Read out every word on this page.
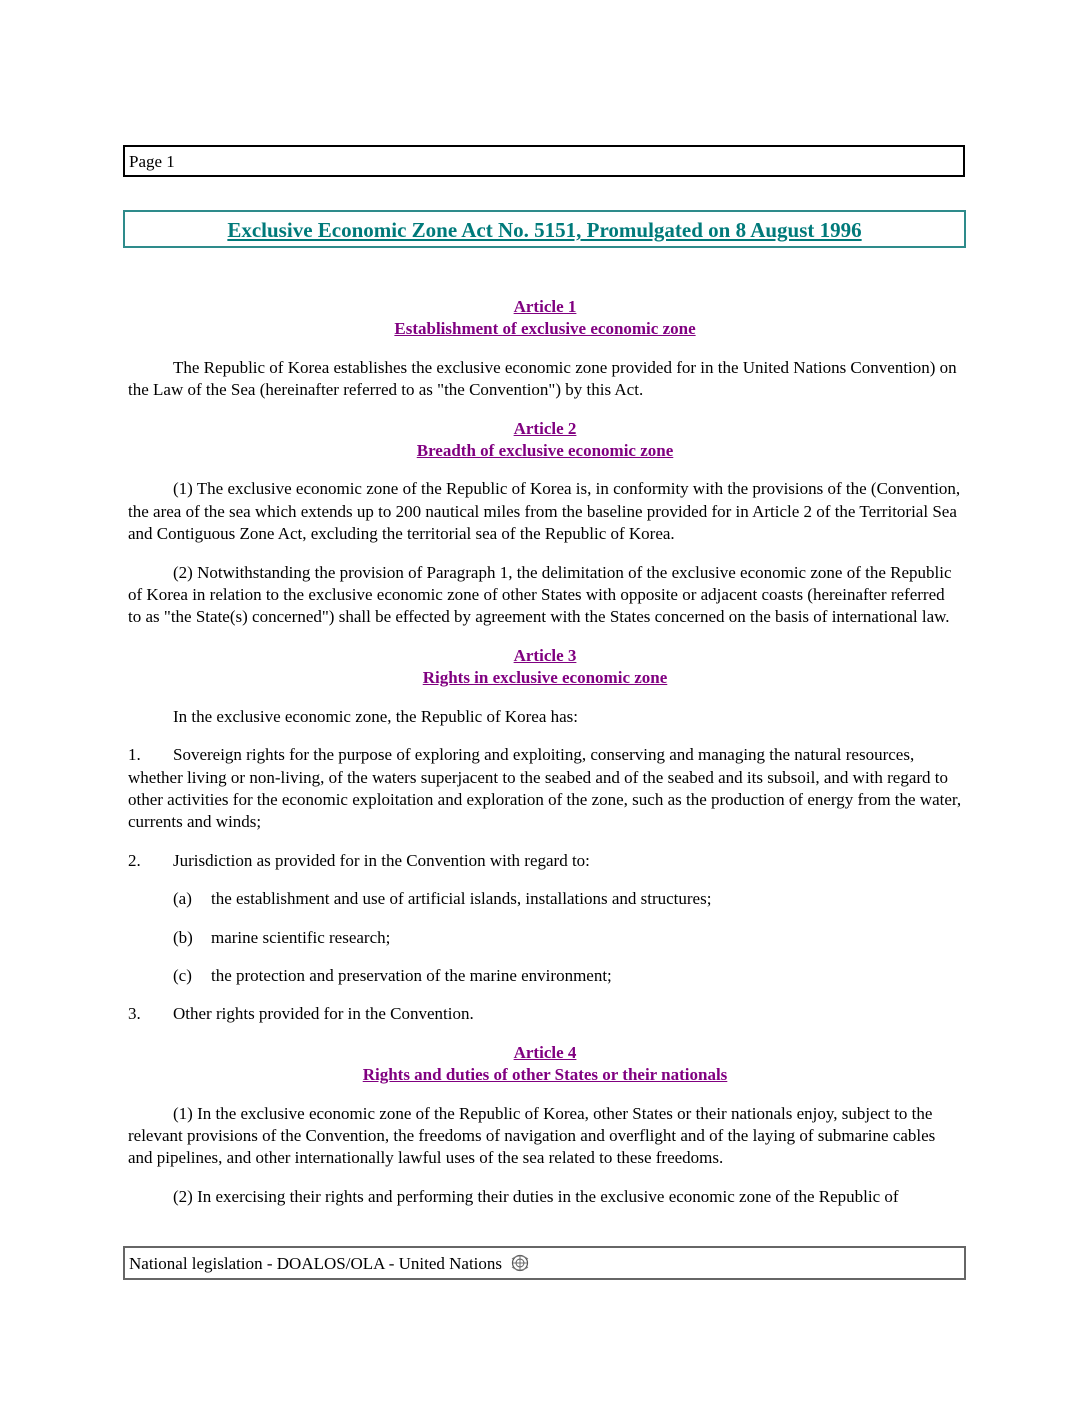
Page 1
Exclusive Economic Zone Act No. 5151, Promulgated on 8 August 1996
Article 1
Establishment of exclusive economic zone

The Republic of Korea establishes the exclusive economic zone provided for in the United Nations Convention) on the Law of the Sea (hereinafter referred to as "the Convention") by this Act.

Article 2
Breadth of exclusive economic zone

(1) The exclusive economic zone of the Republic of Korea is, in conformity with the provisions of the (Convention, the area of the sea which extends up to 200 nautical miles from the baseline provided for in Article 2 of the Territorial Sea and Contiguous Zone Act, excluding the territorial sea of the Republic of Korea.

(2) Notwithstanding the provision of Paragraph 1, the delimitation of the exclusive economic zone of the Republic of Korea in relation to the exclusive economic zone of other States with opposite or adjacent coasts (hereinafter referred to as "the State(s) concerned") shall be effected by agreement with the States concerned on the basis of international law.

Article 3
Rights in exclusive economic zone

In the exclusive economic zone, the Republic of Korea has:

1. Sovereign rights for the purpose of exploring and exploiting, conserving and managing the natural resources, whether living or non-living, of the waters superjacent to the seabed and of the seabed and its subsoil, and with regard to other activities for the economic exploitation and exploration of the zone, such as the production of energy from the water, currents and winds;

2. Jurisdiction as provided for in the Convention with regard to:

(a) the establishment and use of artificial islands, installations and structures;

(b) marine scientific research;

(c) the protection and preservation of the marine environment;

3. Other rights provided for in the Convention.

Article 4
Rights and duties of other States or their nationals

(1) In the exclusive economic zone of the Republic of Korea, other States or their nationals enjoy, subject to the relevant provisions of the Convention, the freedoms of navigation and overflight and of the laying of submarine cables and pipelines, and other internationally lawful uses of the sea related to these freedoms.

(2) In exercising their rights and performing their duties in the exclusive economic zone of the Republic of

National legislation - DOALOS/OLA - United Nations
